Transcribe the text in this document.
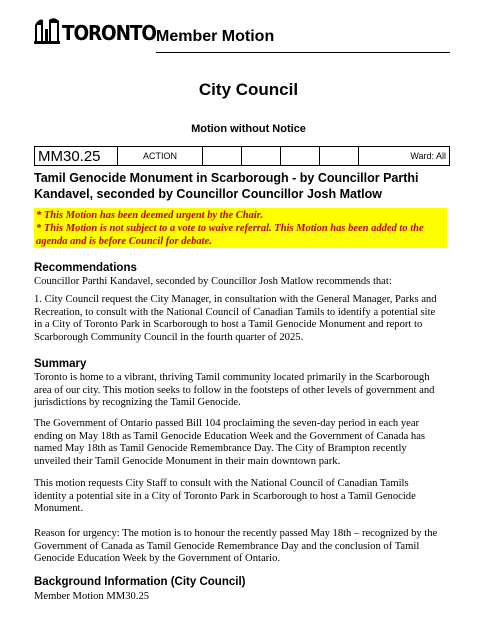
TORONTO Member Motion
City Council
Motion without Notice
MM30.25	ACTION					Ward: All
Tamil Genocide Monument in Scarborough - by Councillor Parthi
Kandavel, seconded by Councillor Councillor Josh Matlow
* This Motion has been deemed urgent by the Chair.
* This Motion is not subject to a vote to waive referral. This Motion has been added to the
agenda and is before Council for debate.
Recommendations
Councillor Parthi Kandavel, seconded by Councillor Josh Matlow recommends that:
1. City Council request the City Manager, in consultation with the General Manager, Parks and
Recreation, to consult with the National Council of Canadian Tamils to identify a potential site
in a City of Toronto Park in Scarborough to host a Tamil Genocide Monument and report to
Scarborough Community Council in the fourth quarter of 2025.
Summary
Toronto is home to a vibrant, thriving Tamil community located primarily in the Scarborough
area of our city. This motion seeks to follow in the footsteps of other levels of government and
jurisdictions by recognizing the Tamil Genocide.
The Government of Ontario passed Bill 104 proclaiming the seven-day period in each year
ending on May 18th as Tamil Genocide Education Week and the Government of Canada has
named May 18th as Tamil Genocide Remembrance Day. The City of Brampton recently
unveiled their Tamil Genocide Monument in their main downtown park.
This motion requests City Staff to consult with the National Council of Canadian Tamils
identity a potential site in a City of Toronto Park in Scarborough to host a Tamil Genocide
Monument.
Reason for urgency: The motion is to honour the recently passed May 18th – recognized by the
Government of Canada as Tamil Genocide Remembrance Day and the conclusion of Tamil
Genocide Education Week by the Government of Ontario.
Background Information (City Council)
Member Motion MM30.25
